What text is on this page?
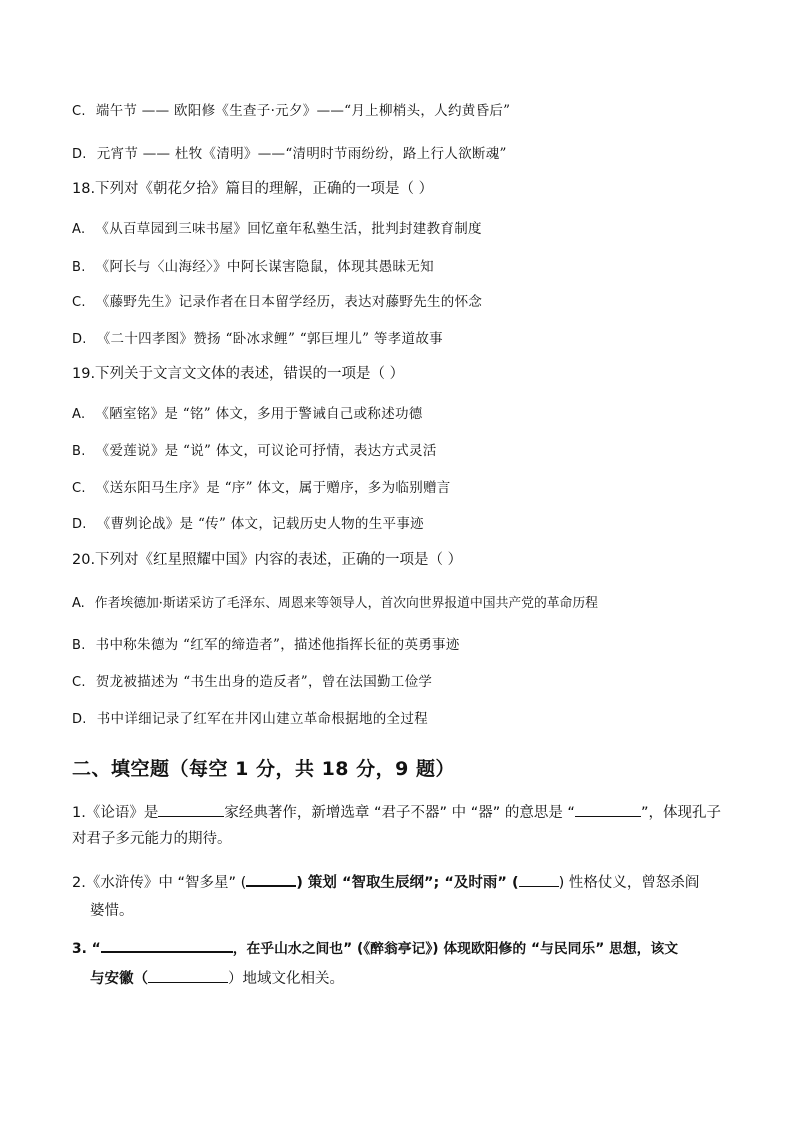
C. 端午节 —— 欧阳修《生查子·元夕》——“月上柳梢头，人约黄昏后”
D. 元宵节 —— 杜牧《清明》——“清明时节雨纷纷，路上行人欲断魂”
18.下列对《朝花夕拾》篇目的理解，正确的一项是（ ）
A. 《从百草园到三味书屋》回忆童年私塾生活，批判封建教育制度
B. 《阿长与〈山海经〉》中阿长谋害隐鼠，体现其愚昧无知
C. 《藤野先生》记录作者在日本留学经历，表达对藤野先生的怀念
D. 《二十四孝图》赞扬 “卧冰求鲤” “郭巨埋儿” 等孝道故事
19.下列关于文言文文体的表述，错误的一项是（ ）
A. 《陋室铭》是 “铭” 体文，多用于警诫自己或称述功德
B. 《爱莲说》是 “说” 体文，可议论可抒情，表达方式灵活
C. 《送东阳马生序》是 “序” 体文，属于赠序，多为临别赠言
D. 《曹刿论战》是 “传” 体文，记载历史人物的生平事迹
20.下列对《红星照耀中国》内容的表述，正确的一项是（ ）
A. 作者埃德加·斯诺采访了毛泽东、周恩来等领导人，首次向世界报道中国共产党的革命历程
B. 书中称朱德为 “红军的缔造者”，描述他指挥长征的英勇事迹
C. 贺龙被描述为 “书生出身的造反者”，曾在法国勤工俭学
D. 书中详细记录了红军在井冈山建立革命根据地的全过程
二、填空题（每空 1 分，共 18 分，9 题）
1.《论语》是	家经典著作，新增选章 “君子不器” 中 “器” 的意思是 “	”，体现孔子
对君子多元能力的期待。
2.《水浒传》中 “智多星” (	) 策划 “智取生辰纲”; “及时雨” (	) 性格仗义，曾怒杀阎
婆惜。
3. “	，在乎山水之间也” (《醉翁亭记》) 体现欧阳修的 “与民同乐” 思想，该文
与安徽（	）地域文化相关。
